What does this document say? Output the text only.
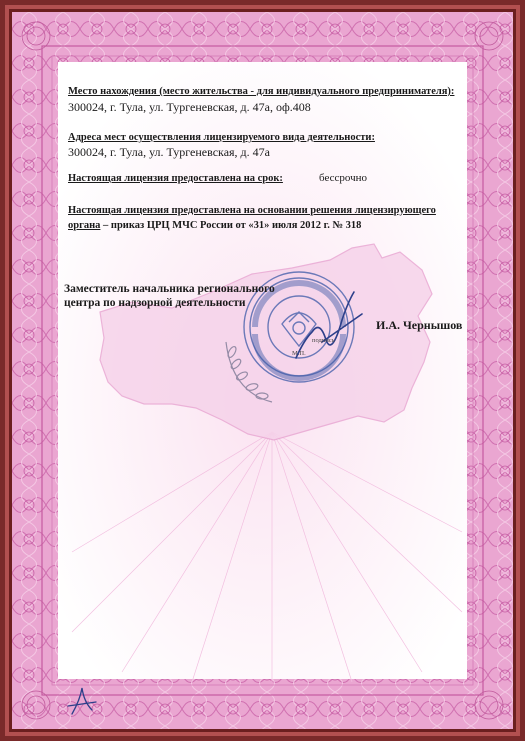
Место нахождения (место жительства - для индивидуального предпринимателя):
300024, г. Тула, ул. Тургеневская, д. 47а, оф.408
Адреса мест осуществления лицензируемого вида деятельности:
300024, г. Тула, ул. Тургеневская, д. 47а
Настоящая лицензия предоставлена на срок:	бессрочно
Настоящая лицензия предоставлена на основании решения лицензирующего
органа – приказ ЦРЦ МЧС России от «31» июля 2012 г. № 318
Заместитель начальника регионального
центра по надзорной деятельности
И.А. Чернышов
подпись
М.П.
